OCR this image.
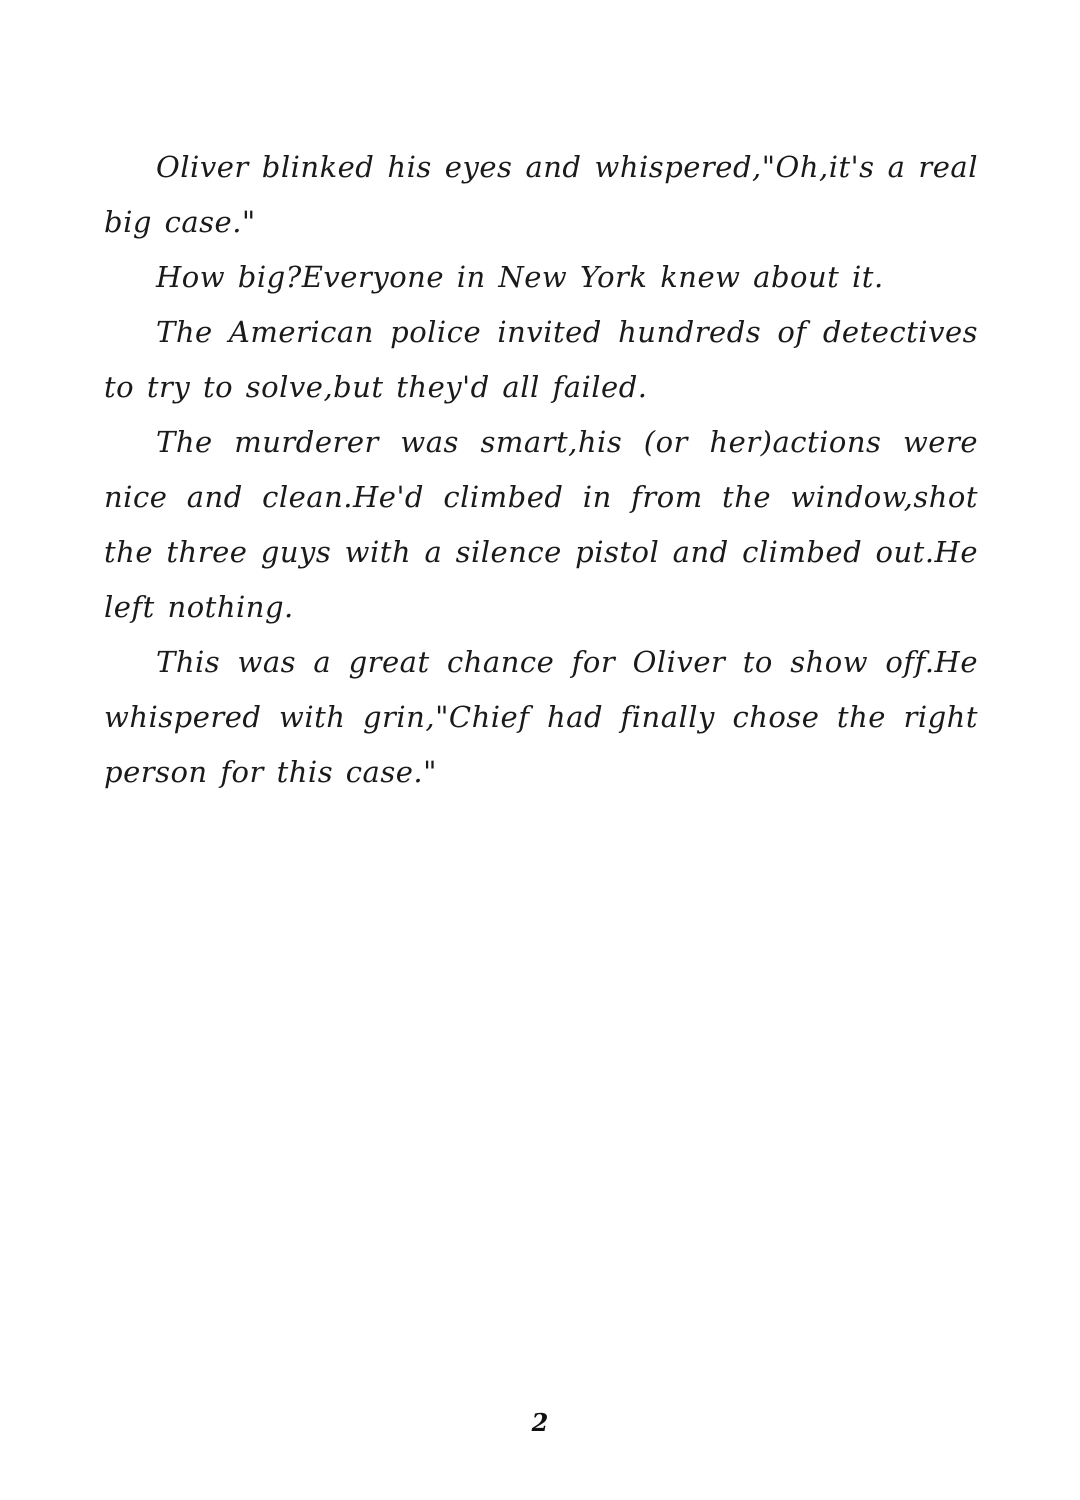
Oliver blinked his eyes and whispered,"Oh,it's a real big case."

How big?Everyone in New York knew about it.

The American police invited hundreds of detectives to try to solve,but they'd all failed.

The murderer was smart,his (or her)actions were nice and clean.He'd climbed in from the window,shot the three guys with a silence pistol and climbed out.He left nothing.

This was a great chance for Oliver to show off.He whispered with grin,"Chief had finally chose the right person for this case."

2
